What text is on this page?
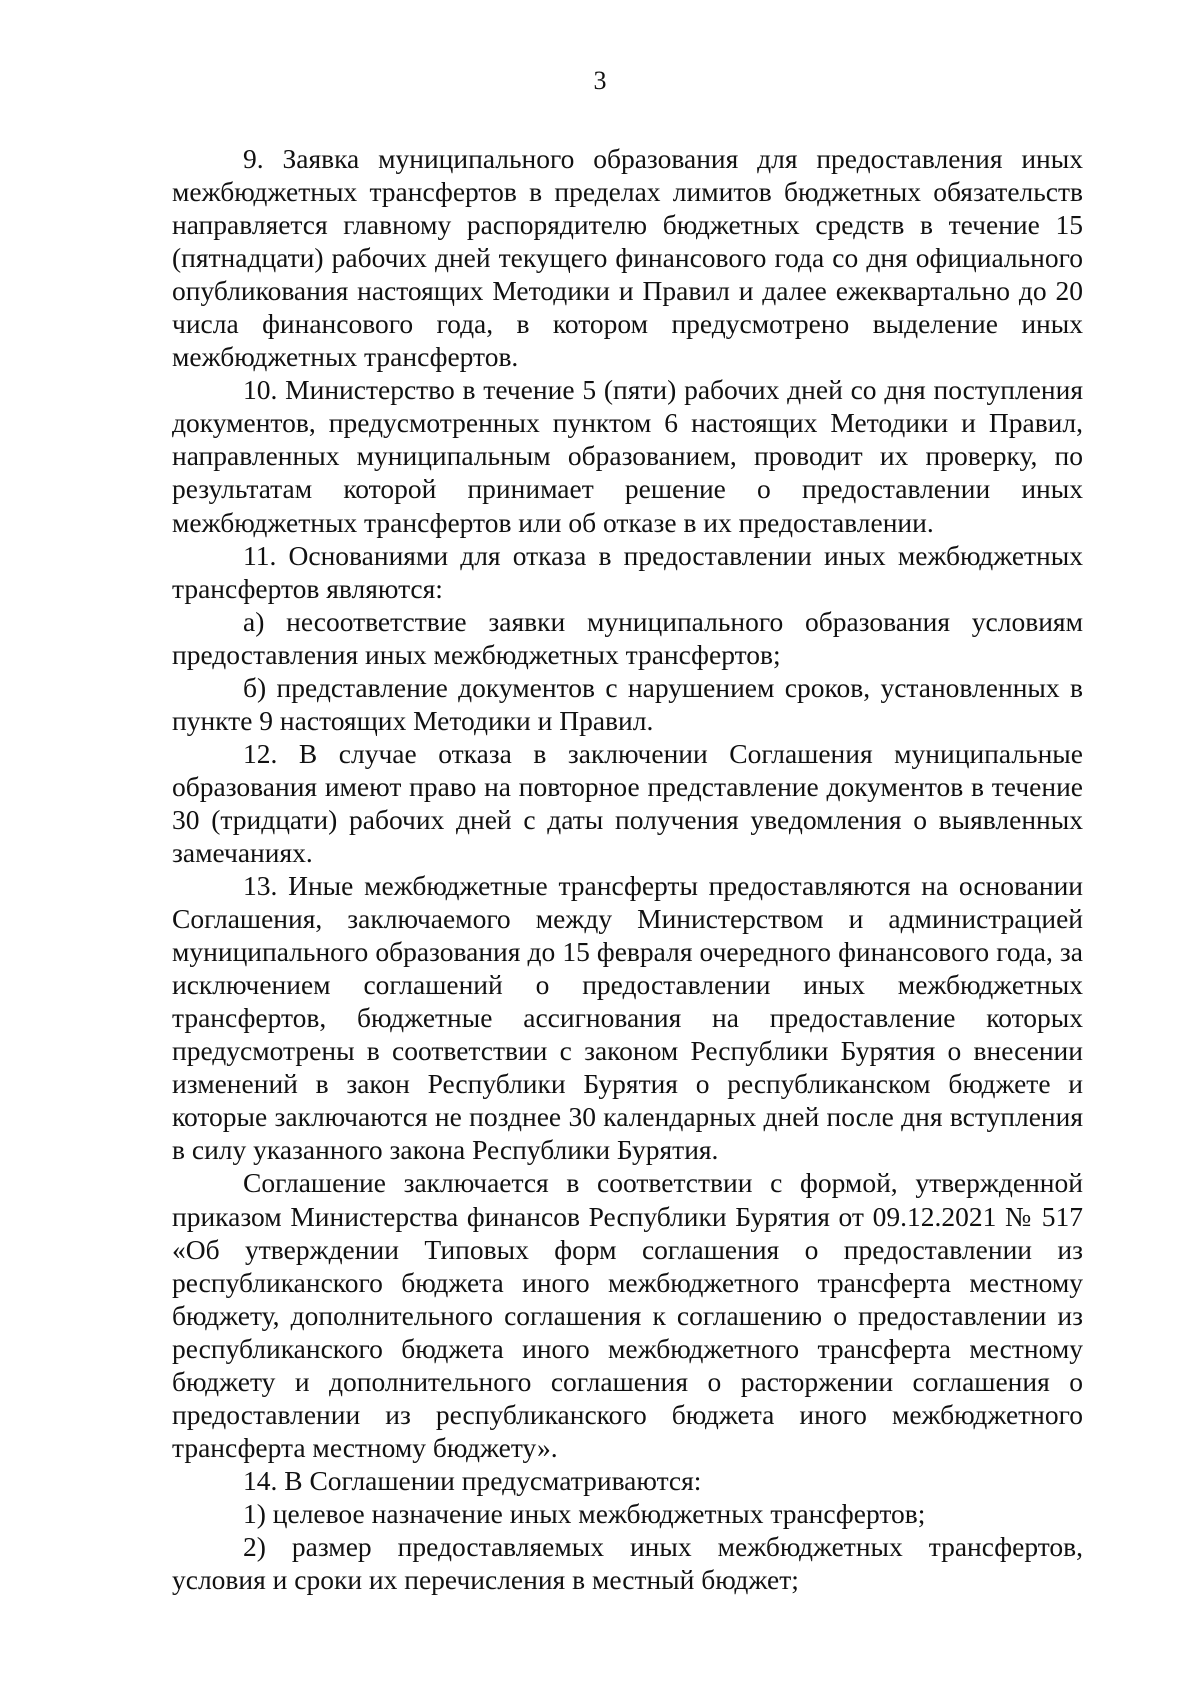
3

9. Заявка муниципального образования для предоставления иных межбюджетных трансфертов в пределах лимитов бюджетных обязательств направляется главному распорядителю бюджетных средств в течение 15 (пятнадцати) рабочих дней текущего финансового года со дня официального опубликования настоящих Методики и Правил и далее ежеквартально до 20 числа финансового года, в котором предусмотрено выделение иных межбюджетных трансфертов.

10. Министерство в течение 5 (пяти) рабочих дней со дня поступления документов, предусмотренных пунктом 6 настоящих Методики и Правил, направленных муниципальным образованием, проводит их проверку, по результатам которой принимает решение о предоставлении иных межбюджетных трансфертов или об отказе в их предоставлении.

11. Основаниями для отказа в предоставлении иных межбюджетных трансфертов являются:

а) несоответствие заявки муниципального образования условиям предоставления иных межбюджетных трансфертов;

б) представление документов с нарушением сроков, установленных в пункте 9 настоящих Методики и Правил.

12. В случае отказа в заключении Соглашения муниципальные образования имеют право на повторное представление документов в течение 30 (тридцати) рабочих дней с даты получения уведомления о выявленных замечаниях.

13. Иные межбюджетные трансферты предоставляются на основании Соглашения, заключаемого между Министерством и администрацией муниципального образования до 15 февраля очередного финансового года, за исключением соглашений о предоставлении иных межбюджетных трансфертов, бюджетные ассигнования на предоставление которых предусмотрены в соответствии с законом Республики Бурятия о внесении изменений в закон Республики Бурятия о республиканском бюджете и которые заключаются не позднее 30 календарных дней после дня вступления в силу указанного закона Республики Бурятия.

Соглашение заключается в соответствии с формой, утвержденной приказом Министерства финансов Республики Бурятия от 09.12.2021 № 517 «Об утверждении Типовых форм соглашения о предоставлении из республиканского бюджета иного межбюджетного трансферта местному бюджету, дополнительного соглашения к соглашению о предоставлении из республиканского бюджета иного межбюджетного трансферта местному бюджету и дополнительного соглашения о расторжении соглашения о предоставлении из республиканского бюджета иного межбюджетного трансферта местному бюджету».

14. В Соглашении предусматриваются:

1) целевое назначение иных межбюджетных трансфертов;

2) размер предоставляемых иных межбюджетных трансфертов, условия и сроки их перечисления в местный бюджет;
